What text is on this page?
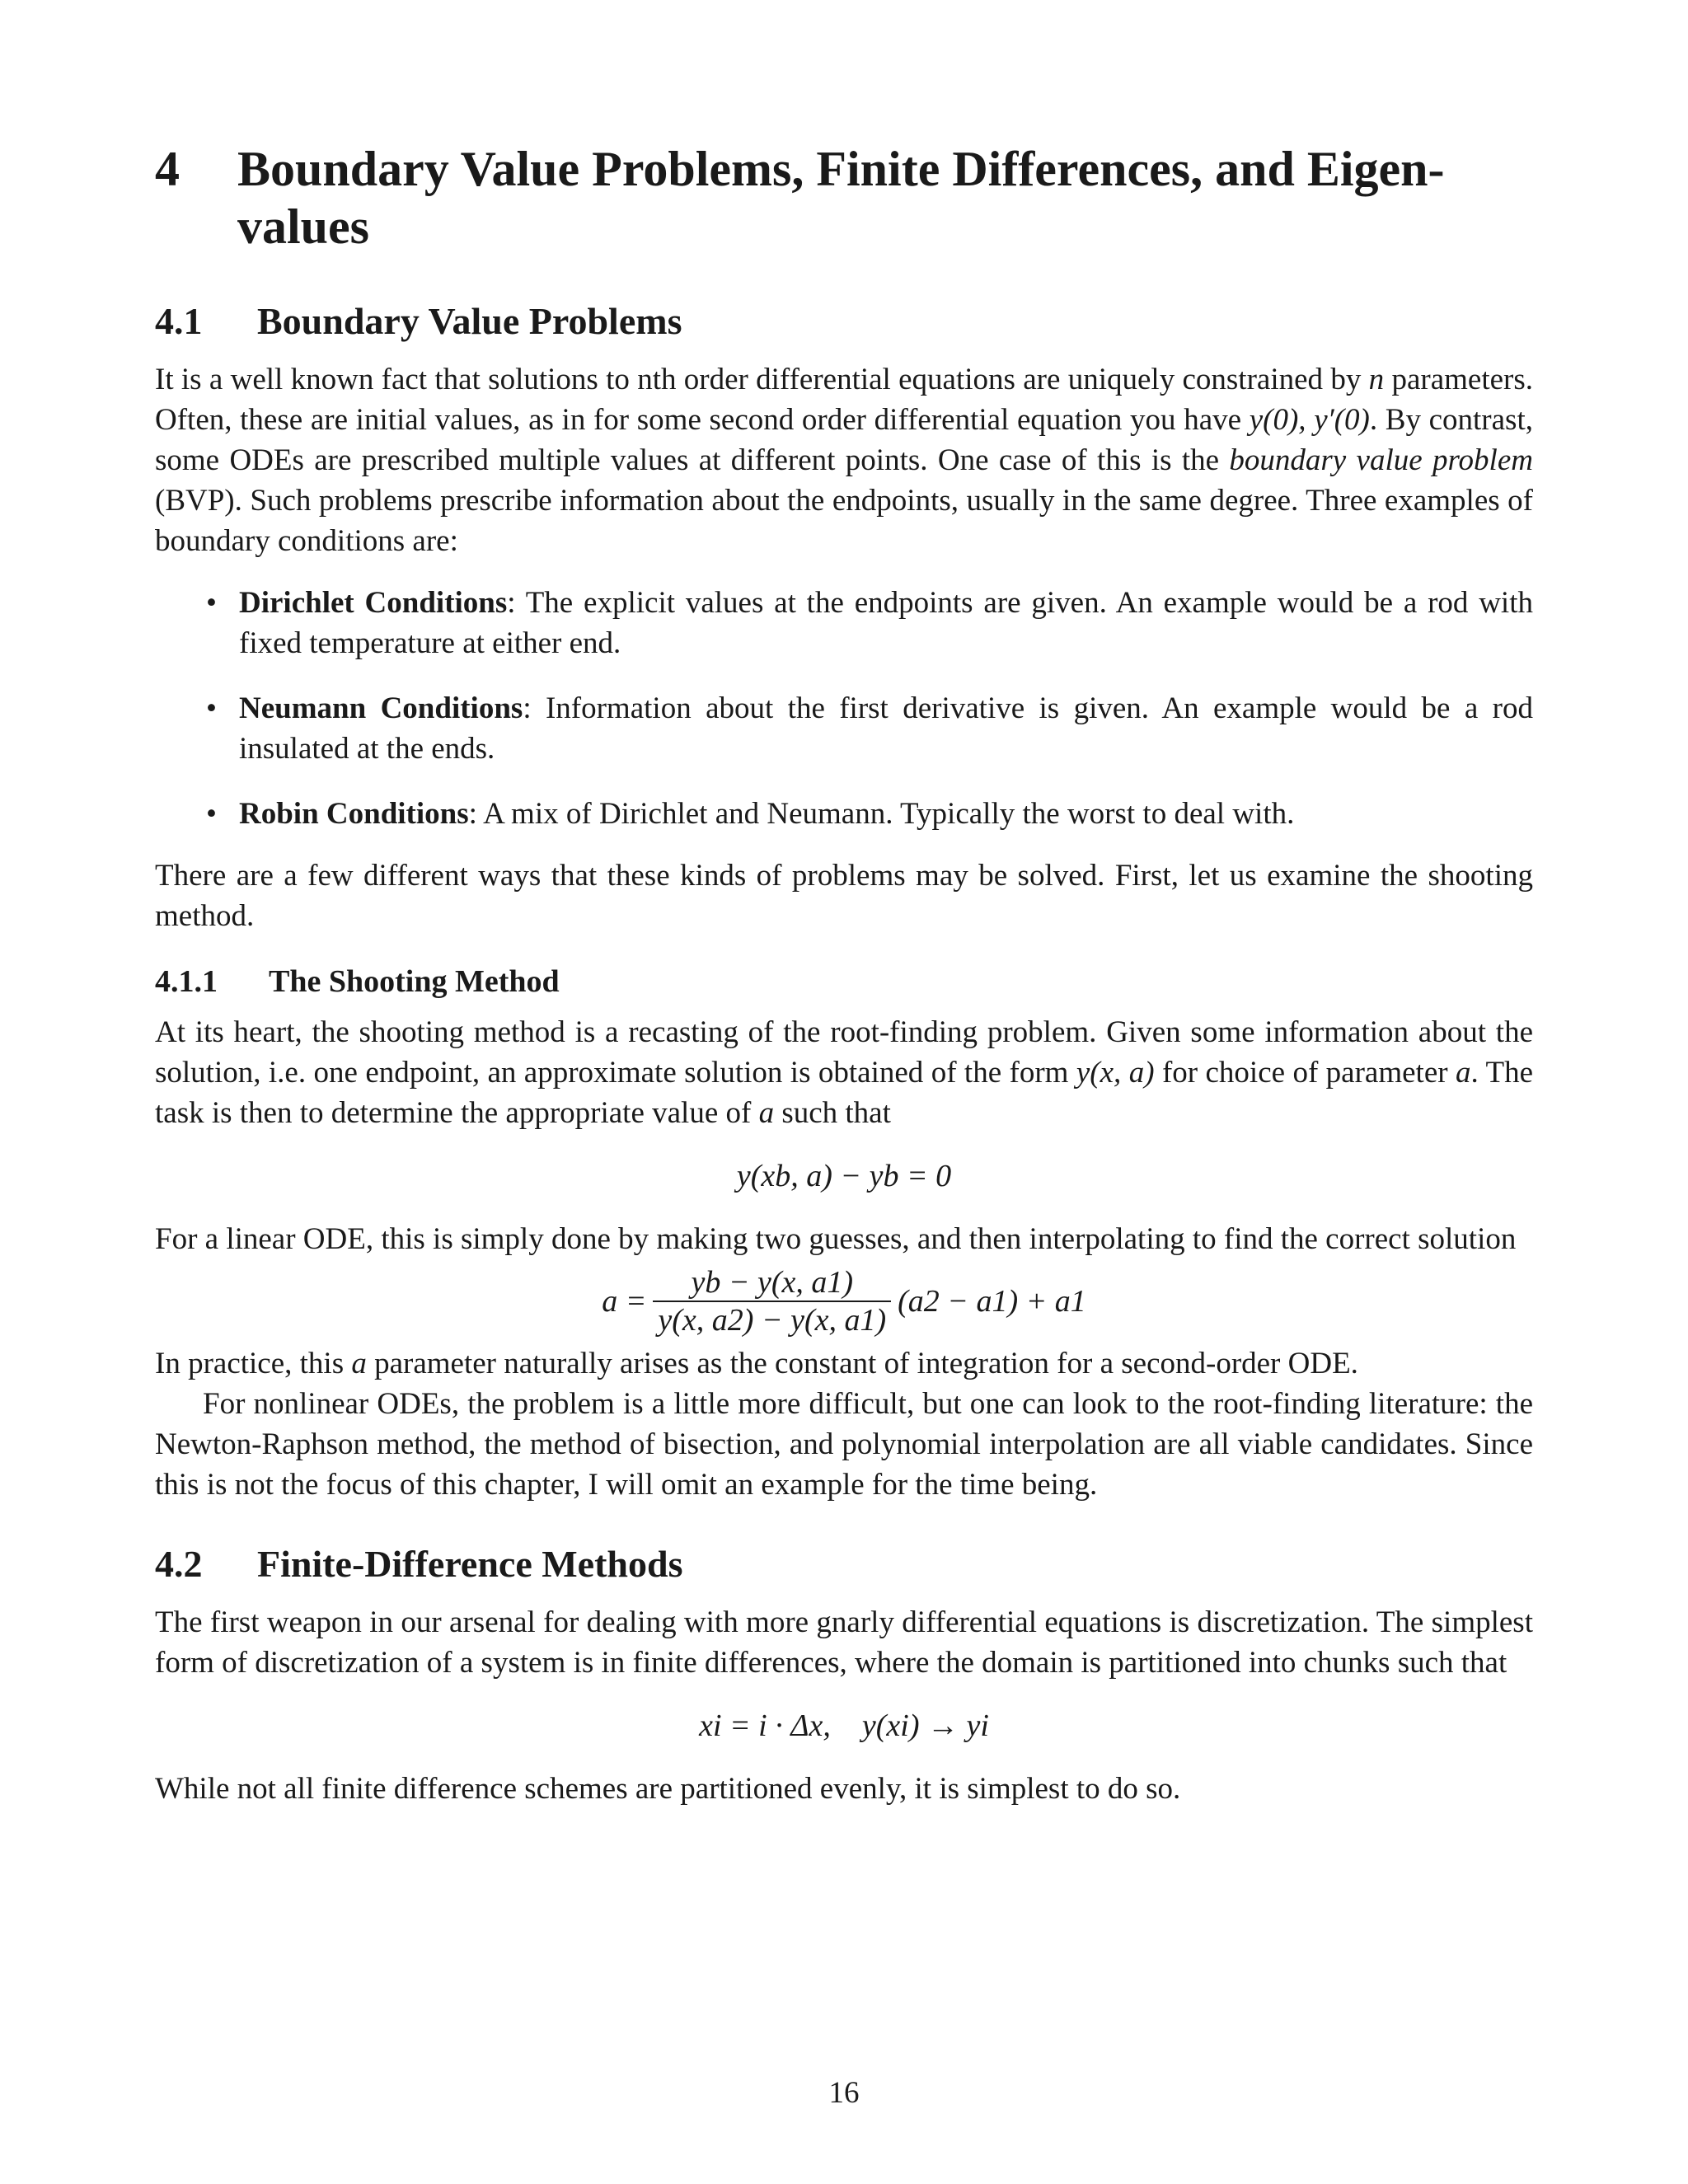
4	Boundary Value Problems, Finite Differences, and Eigen-values
4.1	Boundary Value Problems

It is a well known fact that solutions to nth order differential equations are uniquely constrained by n parameters. Often, these are initial values, as in for some second order differential equation you have y(0), y′(0). By contrast, some ODEs are prescribed multiple values at different points. One case of this is the boundary value problem (BVP). Such problems prescribe information about the endpoints, usually in the same degree. Three examples of boundary conditions are:

• Dirichlet Conditions: The explicit values at the endpoints are given. An example would be a rod with fixed temperature at either end.
• Neumann Conditions: Information about the first derivative is given. An example would be a rod insulated at the ends.
• Robin Conditions: A mix of Dirichlet and Neumann. Typically the worst to deal with.

There are a few different ways that these kinds of problems may be solved. First, let us examine the shooting method.

4.1.1	The Shooting Method

At its heart, the shooting method is a recasting of the root-finding problem. Given some information about the solution, i.e. one endpoint, an approximate solution is obtained of the form y(x, a) for choice of parameter a. The task is then to determine the appropriate value of a such that

y(xb, a) − yb = 0

For a linear ODE, this is simply done by making two guesses, and then interpolating to find the correct solution

$a = \frac{yb - y(x, a1)}{y(x, a2) - y(x, a1)} (a2 - a1) + a1$

In practice, this a parameter naturally arises as the constant of integration for a second-order ODE.

For nonlinear ODEs, the problem is a little more difficult, but one can look to the root-finding literature: the Newton-Raphson method, the method of bisection, and polynomial interpolation are all viable candidates. Since this is not the focus of this chapter, I will omit an example for the time being.

4.2	Finite-Difference Methods

The first weapon in our arsenal for dealing with more gnarly differential equations is discretization. The simplest form of discretization of a system is in finite differences, where the domain is partitioned into chunks such that

xi = i · Δx,    y(xi) → yi

While not all finite difference schemes are partitioned evenly, it is simplest to do so.

16
